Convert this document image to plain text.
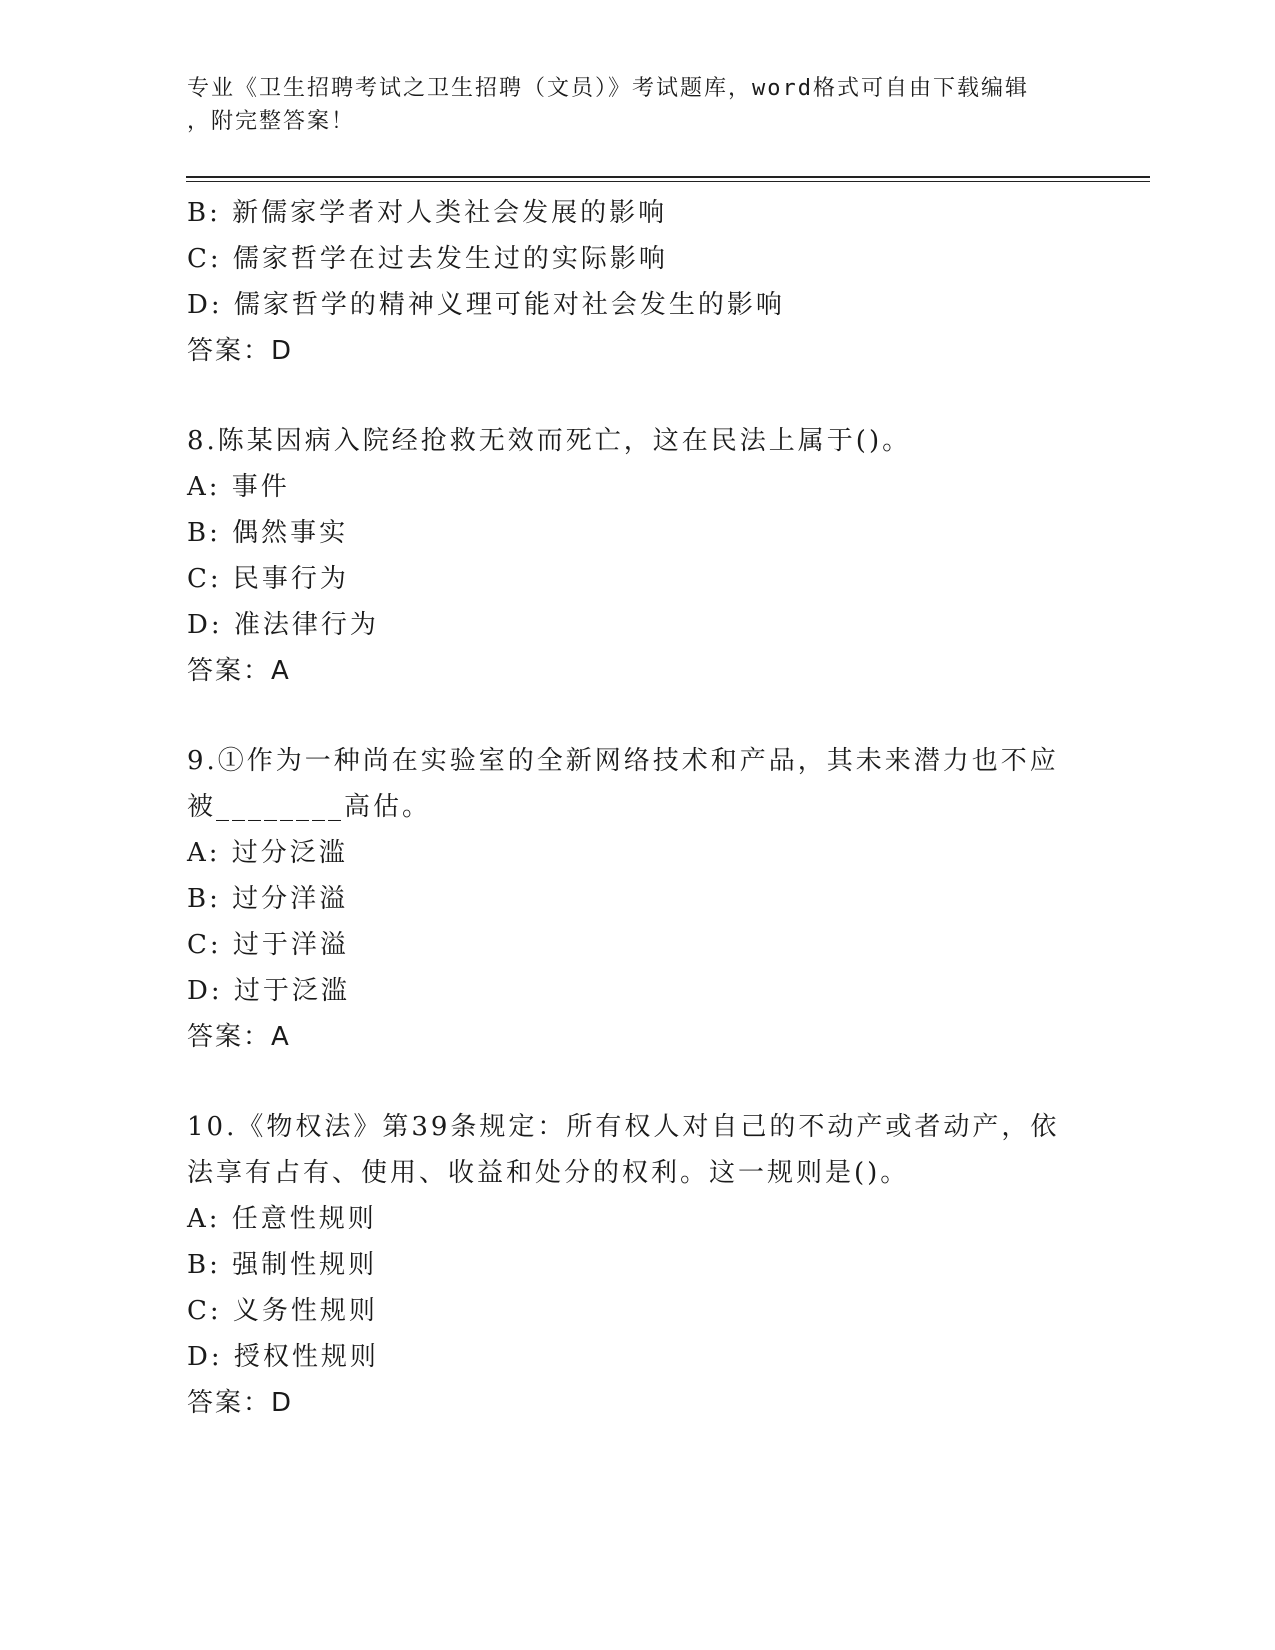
专业《卫生招聘考试之卫生招聘（文员）》考试题库，word格式可自由下载编辑
，附完整答案！
B: 新儒家学者对人类社会发展的影响
C: 儒家哲学在过去发生过的实际影响
D: 儒家哲学的精神义理可能对社会发生的影响
答案：D
8.陈某因病入院经抢救无效而死亡，这在民法上属于()。
A: 事件
B: 偶然事实
C: 民事行为
D: 准法律行为
答案：A
9.①作为一种尚在实验室的全新网络技术和产品，其未来潜力也不应
被________高估。
A: 过分泛滥
B: 过分洋溢
C: 过于洋溢
D: 过于泛滥
答案：A
10.《物权法》第39条规定：所有权人对自己的不动产或者动产，依
法享有占有、使用、收益和处分的权利。这一规则是()。
A: 任意性规则
B: 强制性规则
C: 义务性规则
D: 授权性规则
答案：D
